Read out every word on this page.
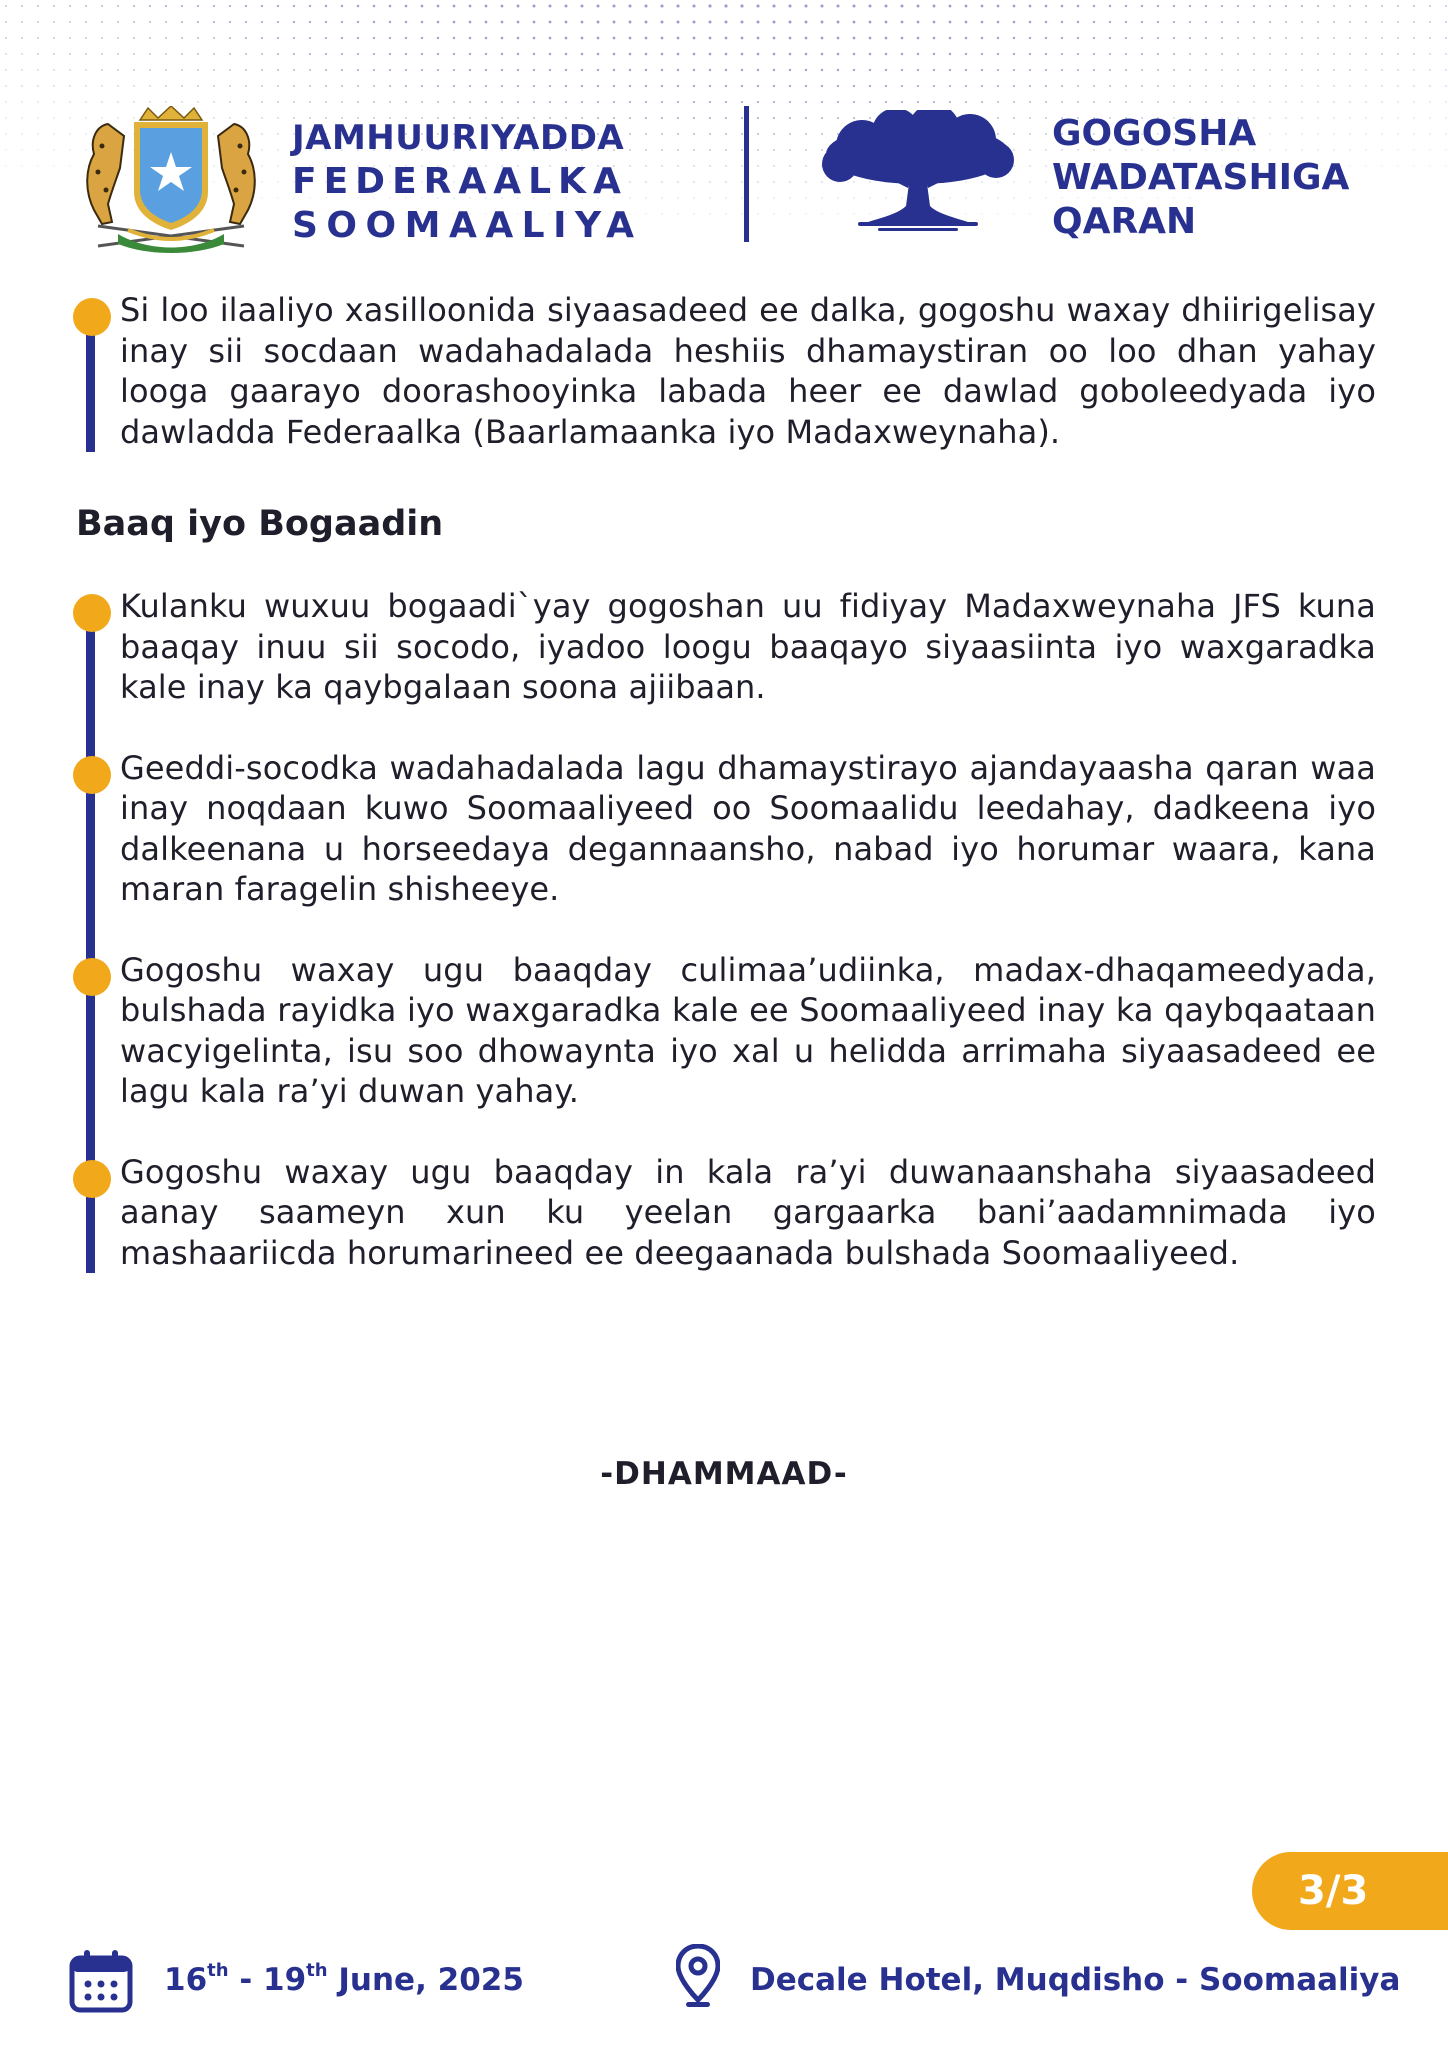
JAMHUURIYADDA
FEDERAALKA
SOOMAALIYA
GOGOSHA
WADATASHIGA
QARAN

Si loo ilaaliyo xasilloonida siyaasadeed ee dalka, gogoshu waxay dhiirigelisay inay sii socdaan wadahadalada heshiis dhamaystiran oo loo dhan yahay looga gaarayo doorashooyinka labada heer ee dawlad goboleedyada iyo dawladda Federaalka (Baarlamaanka iyo Madaxweynaha).

Baaq iyo Bogaadin

Kulanku wuxuu bogaadi`yay gogoshan uu fidiyay Madaxweynaha JFS kuna baaqay inuu sii socodo, iyadoo loogu baaqayo siyaasiinta iyo waxgaradka kale inay ka qaybgalaan soona ajiibaan.

Geeddi-socodka wadahadalada lagu dhamaystirayo ajandayaasha qaran waa inay noqdaan kuwo Soomaaliyeed oo Soomaalidu leedahay, dadkeena iyo dalkeenana u horseedaya degannaansho, nabad iyo horumar waara, kana maran faragelin shisheeye.

Gogoshu waxay ugu baaqday culimaa’udiinka, madax-dhaqameedyada, bulshada rayidka iyo waxgaradka kale ee Soomaaliyeed inay ka qaybqaataan wacyigelinta, isu soo dhowaynta iyo xal u helidda arrimaha siyaasadeed ee lagu kala ra’yi duwan yahay.

Gogoshu waxay ugu baaqday in kala ra’yi duwanaanshaha siyaasadeed aanay saameyn xun ku yeelan gargaarka bani’aadamnimada iyo mashaariicda horumarineed ee deegaanada bulshada Soomaaliyeed.

-DHAMMAAD-
3/3
16th - 19th June, 2025	Decale Hotel, Muqdisho - Soomaaliya
